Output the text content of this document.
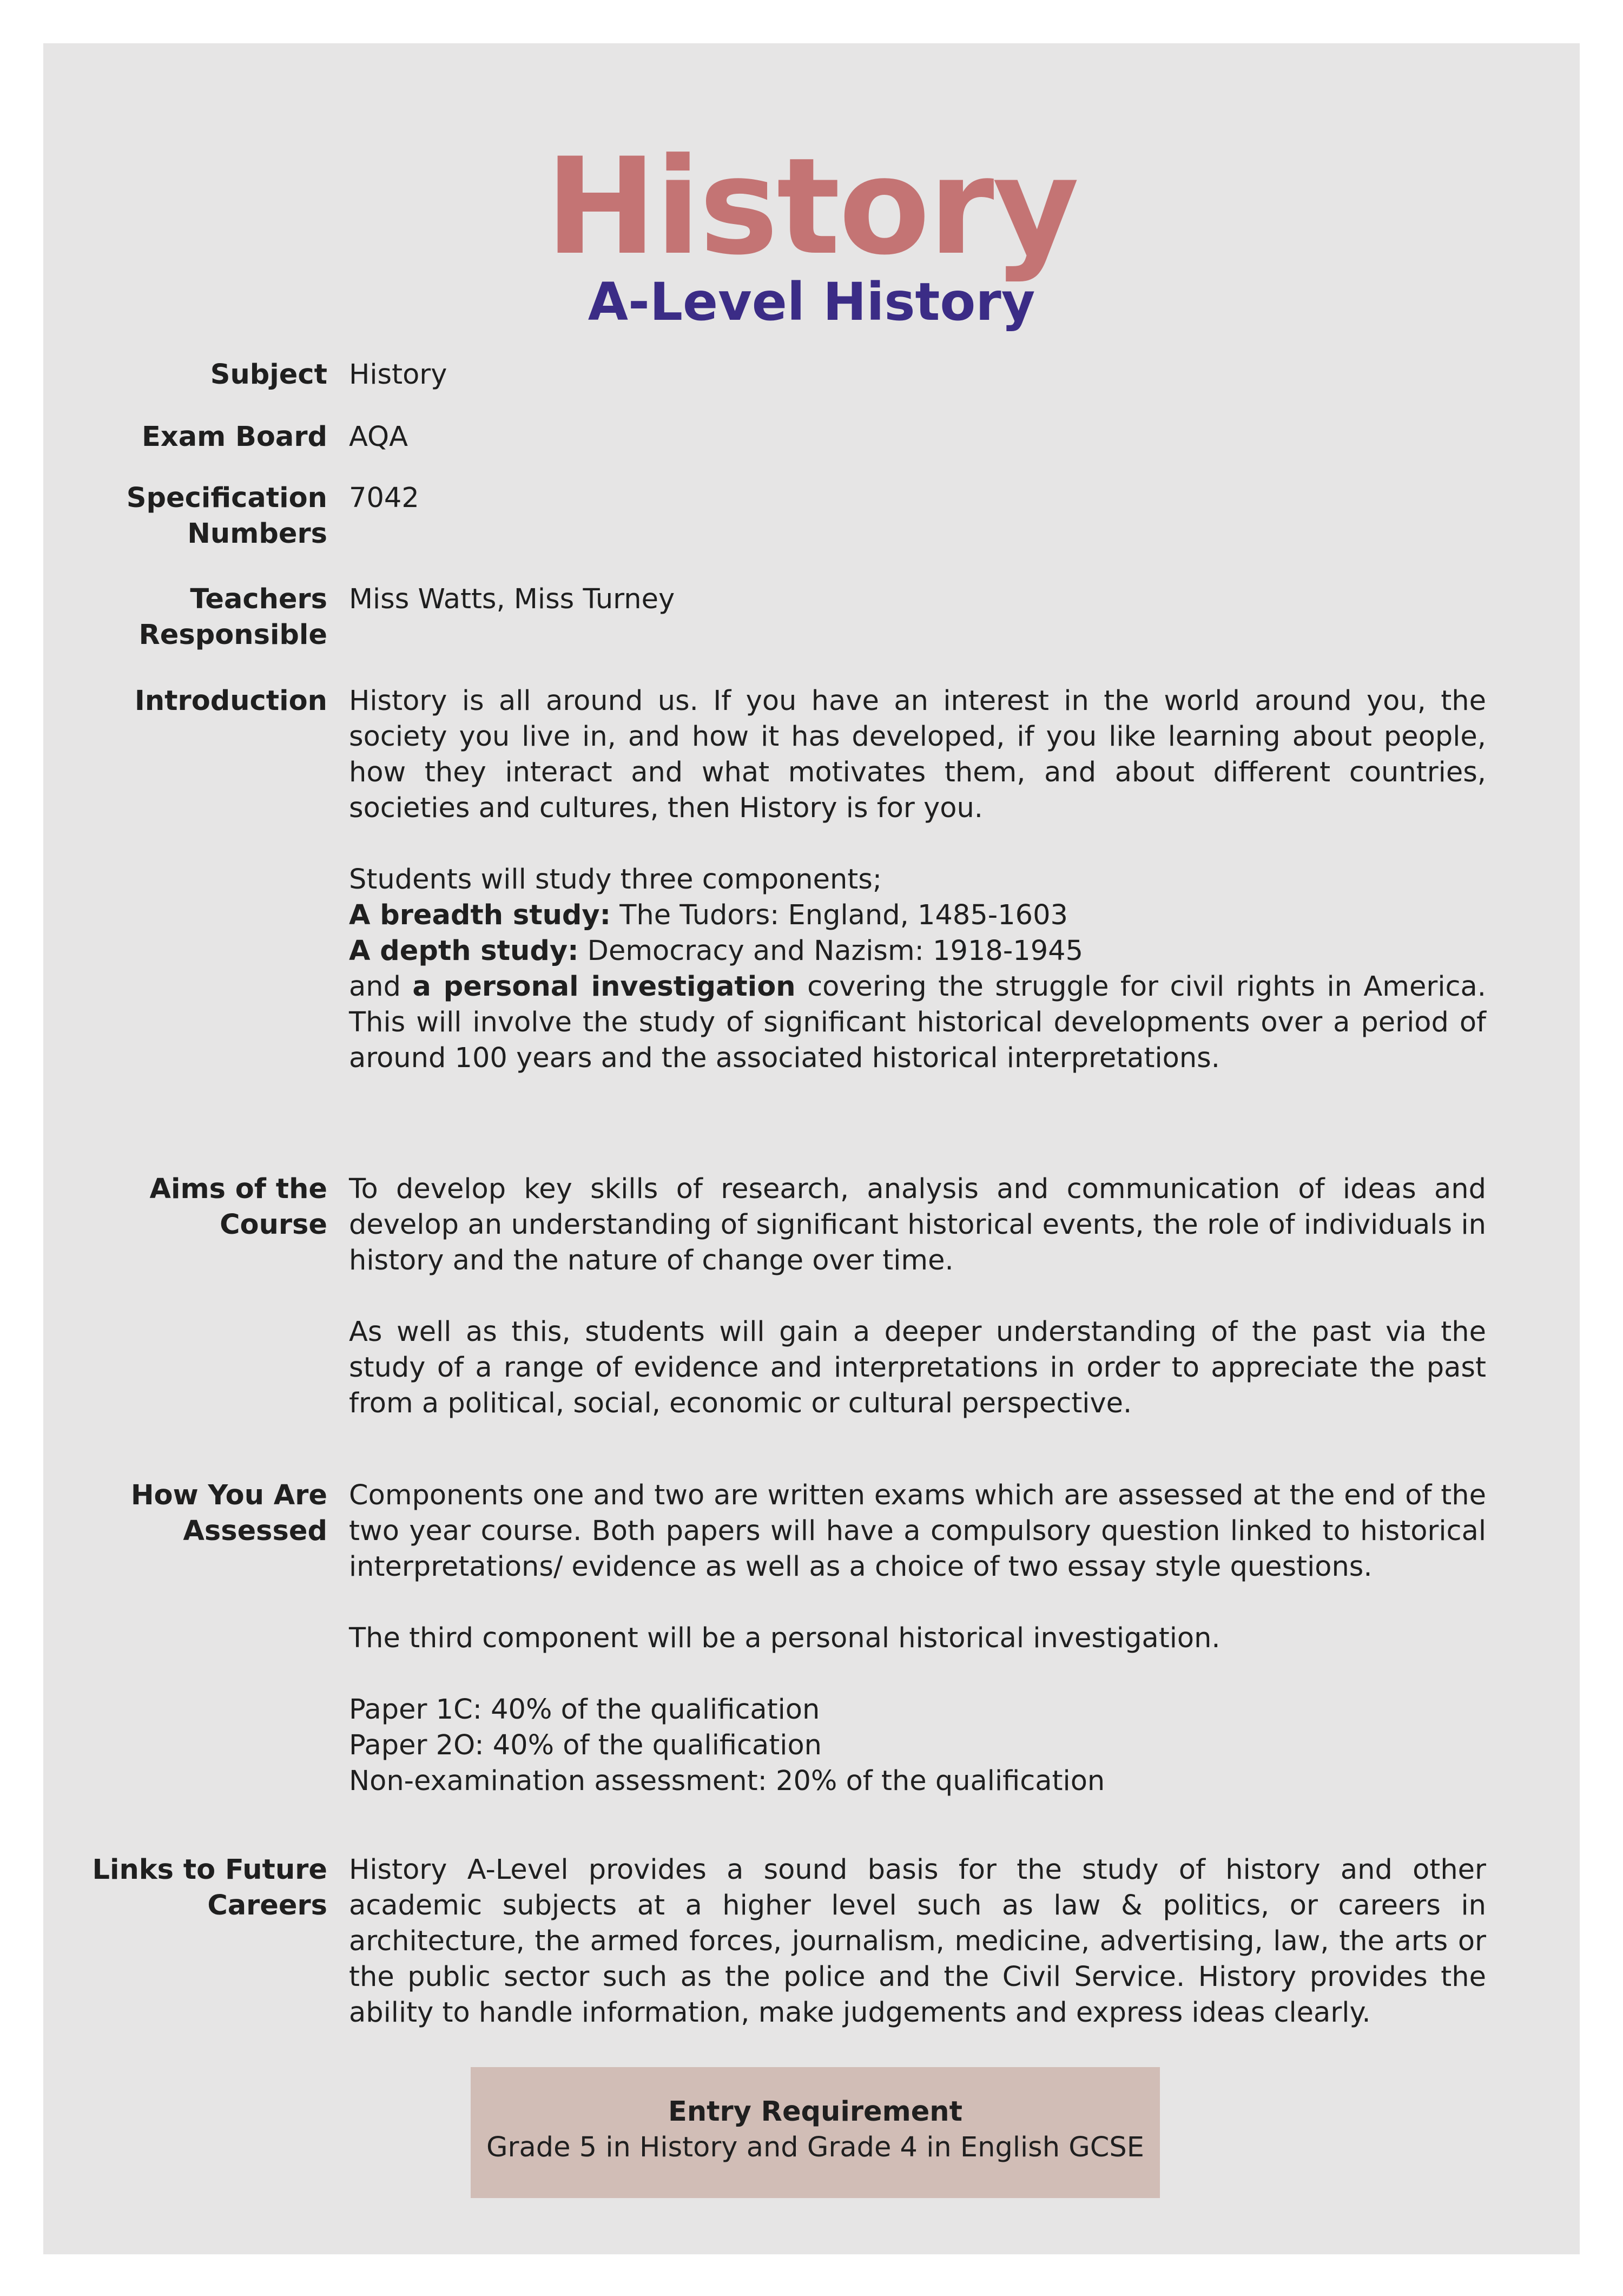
History
A-Level History
Subject History
Exam Board AQA
Specification Numbers
7042
Teachers Responsible
Miss Watts, Miss Turney
Introduction History is all around us. If you have an interest in the world around you, the society you live in, and how it has developed, if you like learning about people, how they interact and what motivates them, and about different countries, societies and cultures, then History is for you.

Students will study three components;

A breadth study: The Tudors: England, 1485-1603

A depth study: Democracy and Nazism: 1918-1945

and a personal investigation covering the struggle for civil rights in America. This will involve the study of significant historical developments over a period of around 100 years and the associated historical interpretations.

Aims of the Course

To develop key skills of research, analysis and communication of ideas and develop an understanding of significant historical events, the role of individuals in history and the nature of change over time.

As well as this, students will gain a deeper understanding of the past via the study of a range of evidence and interpretations in order to appreciate the past from a political, social, economic or cultural perspective.

How You Are Assessed

Components one and two are written exams which are assessed at the end of the two year course. Both papers will have a compulsory question linked to historical interpretations/ evidence as well as a choice of two essay style questions.

The third component will be a personal historical investigation.

Paper 1C: 40% of the qualification

Paper 2O: 40% of the qualification

Non-examination assessment: 20% of the qualification

Links to Future Careers

History A-Level provides a sound basis for the study of history and other academic subjects at a higher level such as law & politics, or careers in architecture, the armed forces, journalism, medicine, advertising, law, the arts or the public sector such as the police and the Civil Service. History provides the ability to handle information, make judgements and express ideas clearly.

Entry Requirement
Grade 5 in History and Grade 4 in English GCSE
